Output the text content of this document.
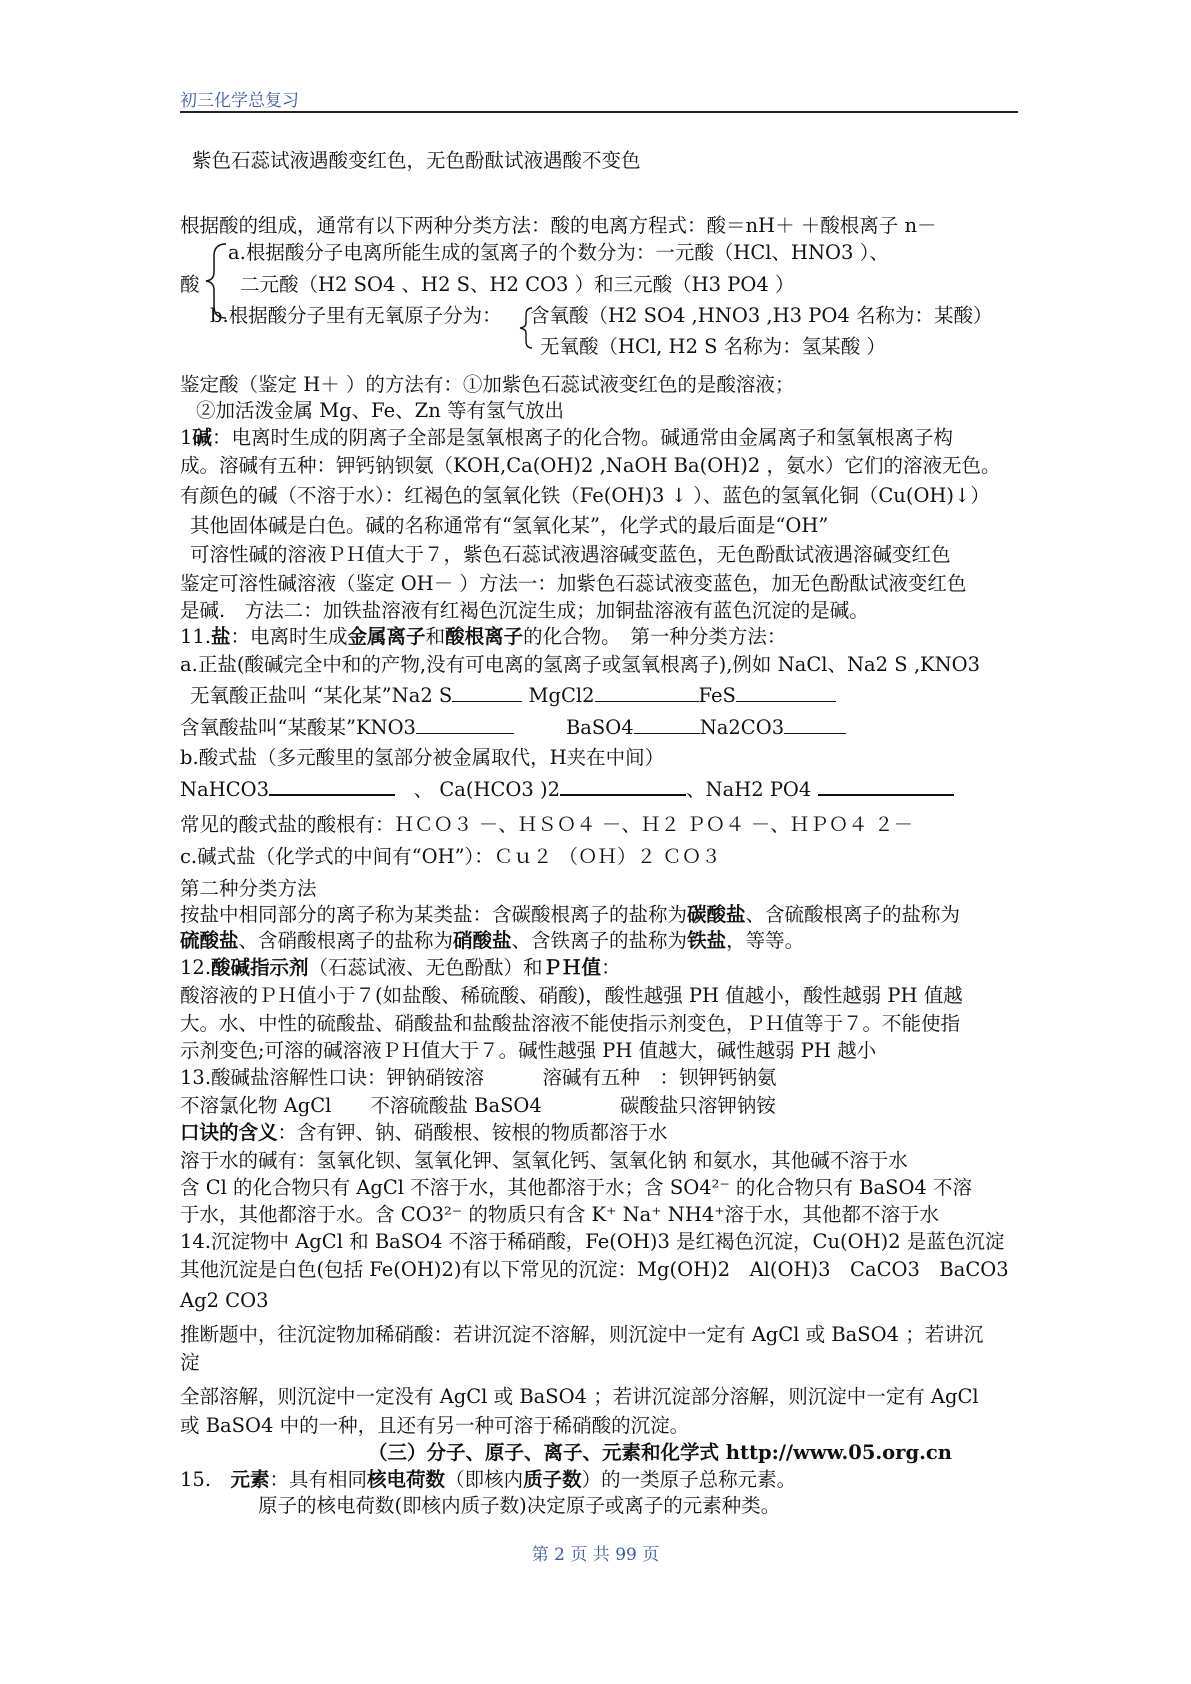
初三化学总复习
紫色石蕊试液遇酸变红色，无色酚酞试液遇酸不变色
根据酸的组成，通常有以下两种分类方法：酸的电离方程式：酸＝nH＋ ＋酸根离子 n－
a.根据酸分子电离所能生成的氢离子的个数分为：一元酸（HCl、HNO3 ）、
酸 二元酸（H2 SO4 、H2 S、H2 CO3 ）和三元酸（H3 PO4 ）
b.根据酸分子里有无氧原子分为： 含氧酸（H2 SO4 ,HNO3 ,H3 PO4 名称为：某酸）
无氧酸（HCl, H2 S 名称为：氢某酸 ）
鉴定酸（鉴定 H＋ ）的方法有：①加紫色石蕊试液变红色的是酸溶液；
②加活泼金属 Mg、Fe、Zn 等有氢气放出
1碱：电离时生成的阴离子全部是氢氧根离子的化合物。碱通常由金属离子和氢氧根离子构
成。溶碱有五种：钾钙钠钡氨（KOH,Ca(OH)2 ,NaOH Ba(OH)2 ，氨水）它们的溶液无色。
有颜色的碱（不溶于水）：红褐色的氢氧化铁（Fe(OH)3 ↓ ）、蓝色的氢氧化铜（Cu(OH)↓）
其他固体碱是白色。碱的名称通常有“氢氧化某”，化学式的最后面是“OH”
可溶性碱的溶液ＰＨ值大于７，紫色石蕊试液遇溶碱变蓝色，无色酚酞试液遇溶碱变红色
鉴定可溶性碱溶液（鉴定 OH－ ）方法一：加紫色石蕊试液变蓝色，加无色酚酞试液变红色
是碱.　方法二：加铁盐溶液有红褐色沉淀生成；加铜盐溶液有蓝色沉淀的是碱。
11.盐：电离时生成金属离子和酸根离子的化合物。　第一种分类方法：
a.正盐(酸碱完全中和的产物,没有可电离的氢离子或氢氧根离子),例如 NaCl、Na2 S ,KNO3
无氧酸正盐叫 “某化某”Na2 S	MgCl2	FeS
含氧酸盐叫“某酸某”KNO3	BaSO4	Na2CO3
b.酸式盐（多元酸里的氢部分被金属取代，H夹在中间）
NaHCO3	、 Ca(HCO3 )2	、NaH2 PO4
常见的酸式盐的酸根有：ＨＣＯ３ －、ＨＳＯ４ －、Ｈ２ ＰＯ４ －、ＨＰＯ４ ２－
c.碱式盐（化学式的中间有“OH”）：Ｃｕ２ （ＯＨ）２ ＣＯ３
第二种分类方法
按盐中相同部分的离子称为某类盐：含碳酸根离子的盐称为碳酸盐、含硫酸根离子的盐称为
硫酸盐、含硝酸根离子的盐称为硝酸盐、含铁离子的盐称为铁盐，等等。
12.酸碱指示剂（石蕊试液、无色酚酞）和ＰＨ值：
酸溶液的ＰＨ值小于７(如盐酸、稀硫酸、硝酸)，酸性越强 PH 值越小，酸性越弱 PH 值越
大。水、中性的硫酸盐、硝酸盐和盐酸盐溶液不能使指示剂变色，ＰＨ值等于７。不能使指
示剂变色;可溶的碱溶液ＰＨ值大于７。碱性越强 PH 值越大，碱性越弱 PH 越小
13.酸碱盐溶解性口诀：钾钠硝铵溶　　　溶碱有五种　：钡钾钙钠氨
不溶氯化物 AgCl　　不溶硫酸盐 BaSO4　　　　碳酸盐只溶钾钠铵
口诀的含义：含有钾、钠、硝酸根、铵根的物质都溶于水
溶于水的碱有：氢氧化钡、氢氧化钾、氢氧化钙、氢氧化钠 和氨水，其他碱不溶于水
含 Cl 的化合物只有 AgCl 不溶于水，其他都溶于水；含 SO4²⁻ 的化合物只有 BaSO4 不溶
于水，其他都溶于水。含 CO3²⁻ 的物质只有含 K⁺ Na⁺ NH4⁺溶于水，其他都不溶于水
14.沉淀物中 AgCl 和 BaSO4 不溶于稀硝酸，Fe(OH)3 是红褐色沉淀，Cu(OH)2 是蓝色沉淀
其他沉淀是白色(包括 Fe(OH)2)有以下常见的沉淀：Mg(OH)2　Al(OH)3　CaCO3　BaCO3
Ag2 CO3
推断题中，往沉淀物加稀硝酸：若讲沉淀不溶解，则沉淀中一定有 AgCl 或 BaSO4 ；若讲沉
淀
全部溶解，则沉淀中一定没有 AgCl 或 BaSO4 ；若讲沉淀部分溶解，则沉淀中一定有 AgCl
或 BaSO4 中的一种，且还有另一种可溶于稀硝酸的沉淀。
（三）分子、原子、离子、元素和化学式 http://www.05.org.cn
15.　元素：具有相同核电荷数（即核内质子数）的一类原子总称元素。
原子的核电荷数(即核内质子数)决定原子或离子的元素种类。
第 2 页 共 99 页
